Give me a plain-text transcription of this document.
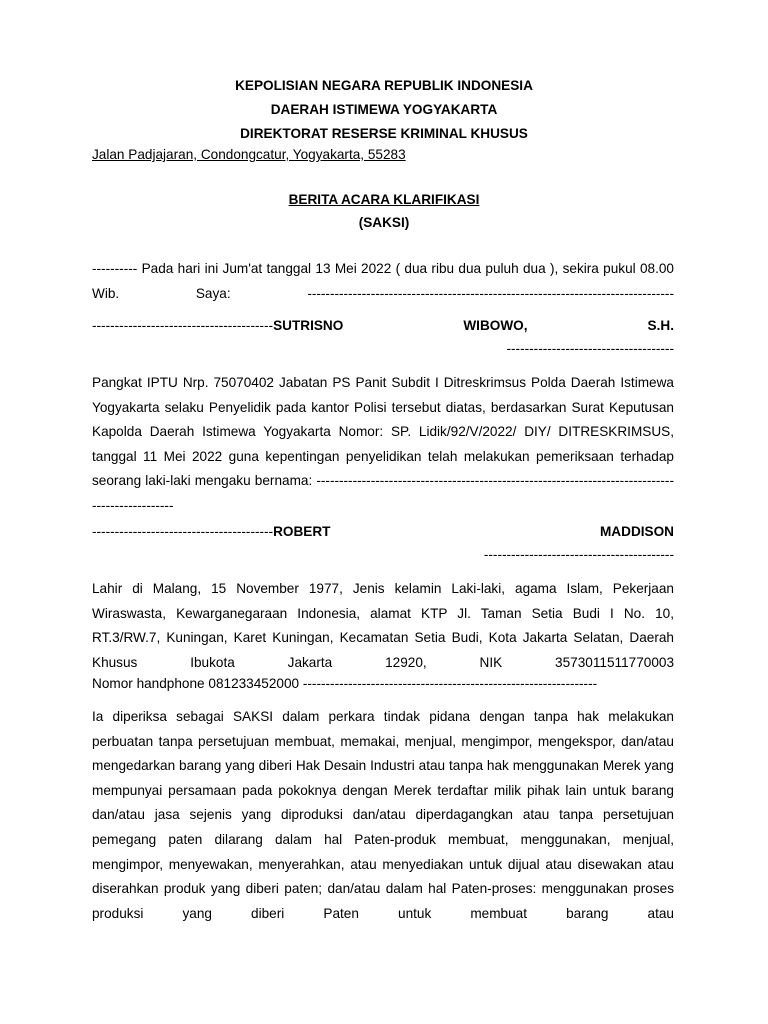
KEPOLISIAN NEGARA REPUBLIK INDONESIA
DAERAH ISTIMEWA YOGYAKARTA
DIREKTORAT RESERSE KRIMINAL KHUSUS
Jalan Padjajaran, Condongcatur, Yogyakarta, 55283
BERITA ACARA KLARIFIKASI
(SAKSI)
---------- Pada hari ini Jum'at tanggal 13 Mei 2022 ( dua ribu dua puluh dua ), sekira pukul 08.00 Wib. Saya: ---------------------------------------------------------------------------------
----------------------------------------SUTRISNO	WIBOWO,	S.H.
-------------------------------------
Pangkat IPTU Nrp. 75070402 Jabatan PS Panit Subdit I Ditreskrimsus Polda Daerah Istimewa Yogyakarta selaku Penyelidik pada kantor Polisi tersebut diatas, berdasarkan Surat Keputusan Kapolda Daerah Istimewa Yogyakarta Nomor: SP. Lidik/92/V/2022/ DIY/ DITRESKRIMSUS, tanggal 11 Mei 2022 guna kepentingan penyelidikan telah melakukan pemeriksaan terhadap seorang laki-laki mengaku bernama: -------------------------------------------------------------------------------------------------
----------------------------------------ROBERT	MADDISON
------------------------------------------
Lahir di Malang, 15 November 1977, Jenis kelamin Laki-laki, agama Islam, Pekerjaan Wiraswasta, Kewarganegaraan Indonesia, alamat KTP Jl. Taman Setia Budi I No. 10, RT.3/RW.7, Kuningan, Karet Kuningan, Kecamatan Setia Budi, Kota Jakarta Selatan, Daerah Khusus Ibukota Jakarta 12920, NIK 3573011511770003
Nomor handphone 081233452000 -----------------------------------------------------------------
Ia diperiksa sebagai SAKSI dalam perkara tindak pidana dengan tanpa hak melakukan perbuatan tanpa persetujuan membuat, memakai, menjual, mengimpor, mengekspor, dan/atau mengedarkan barang yang diberi Hak Desain Industri atau tanpa hak menggunakan Merek yang mempunyai persamaan pada pokoknya dengan Merek terdaftar milik pihak lain untuk barang dan/atau jasa sejenis yang diproduksi dan/atau diperdagangkan atau tanpa persetujuan pemegang paten dilarang dalam hal Paten-produk membuat, menggunakan, menjual, mengimpor, menyewakan, menyerahkan, atau menyediakan untuk dijual atau disewakan atau diserahkan produk yang diberi paten; dan/atau dalam hal Paten-proses: menggunakan proses produksi yang diberi Paten untuk membuat barang atau
